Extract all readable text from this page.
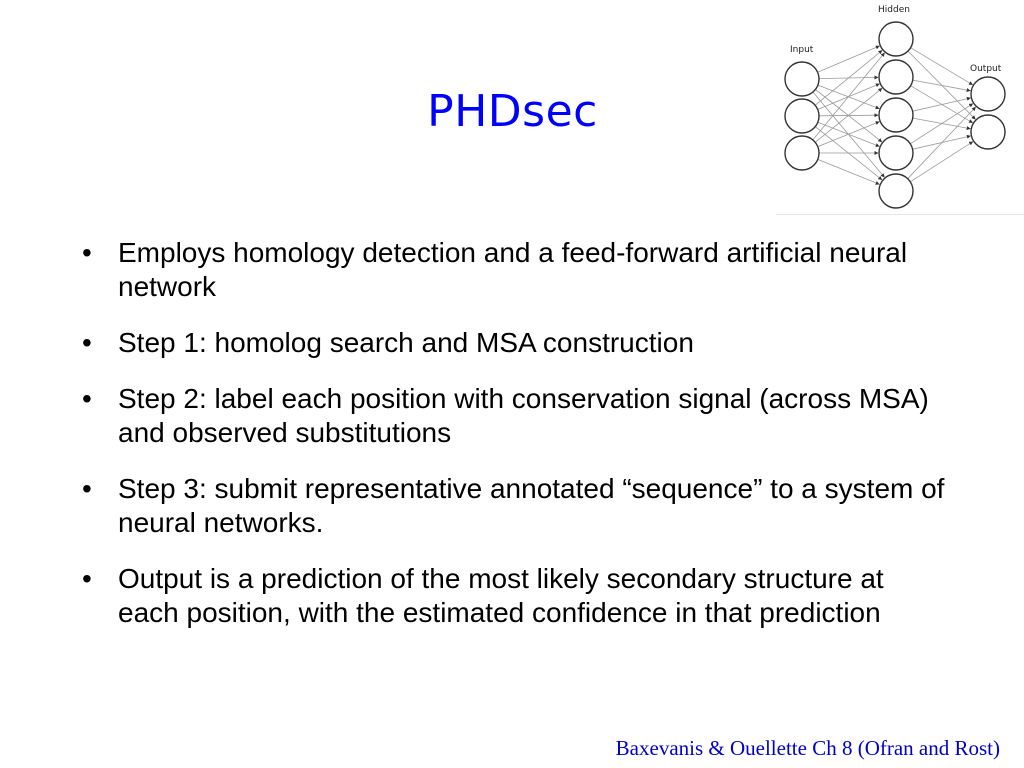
PHDsec
Input
Hidden
Output
• Employs homology detection and a feed-forward artificial neural network
• Step 1: homolog search and MSA construction
• Step 2: label each position with conservation signal (across MSA) and observed substitutions
• Step 3: submit representative annotated “sequence” to a system of neural networks.
• Output is a prediction of the most likely secondary structure at each position, with the estimated confidence in that prediction
Baxevanis & Ouellette Ch 8 (Ofran and Rost)
